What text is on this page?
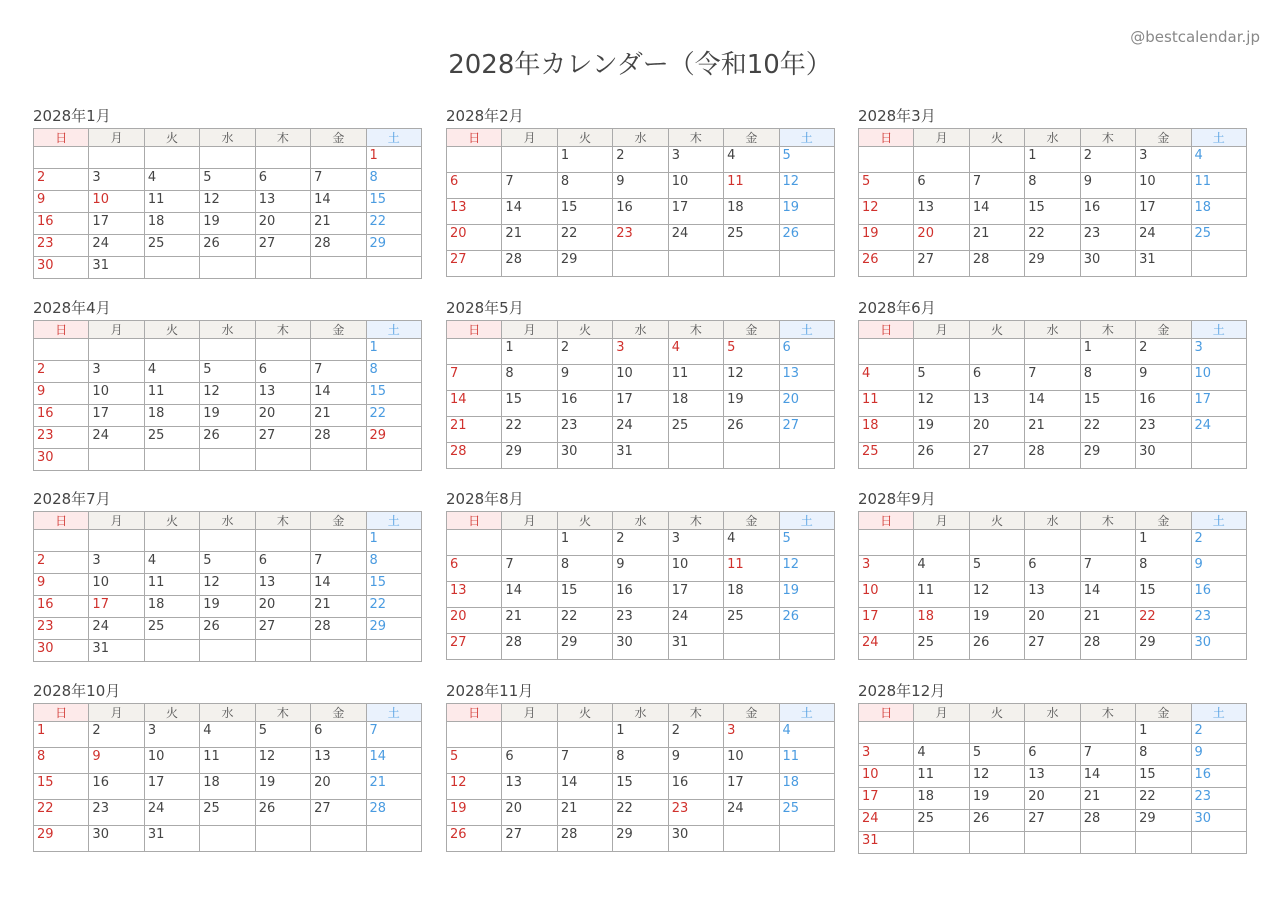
2028年カレンダー（令和10年）
@bestcalendar.jp
2028年1月
日	月	火	水	木	金	土
						1
2	3	4	5	6	7	8
9	10	11	12	13	14	15
16	17	18	19	20	21	22
23	24	25	26	27	28	29
30	31					
2028年2月
日	月	火	水	木	金	土
		1	2	3	4	5
6	7	8	9	10	11	12
13	14	15	16	17	18	19
20	21	22	23	24	25	26
27	28	29				
2028年3月
日	月	火	水	木	金	土
			1	2	3	4
5	6	7	8	9	10	11
12	13	14	15	16	17	18
19	20	21	22	23	24	25
26	27	28	29	30	31	
2028年4月
日	月	火	水	木	金	土
						1
2	3	4	5	6	7	8
9	10	11	12	13	14	15
16	17	18	19	20	21	22
23	24	25	26	27	28	29
30						
2028年5月
日	月	火	水	木	金	土
	1	2	3	4	5	6
7	8	9	10	11	12	13
14	15	16	17	18	19	20
21	22	23	24	25	26	27
28	29	30	31			
2028年6月
日	月	火	水	木	金	土
				1	2	3
4	5	6	7	8	9	10
11	12	13	14	15	16	17
18	19	20	21	22	23	24
25	26	27	28	29	30	
2028年7月
日	月	火	水	木	金	土
						1
2	3	4	5	6	7	8
9	10	11	12	13	14	15
16	17	18	19	20	21	22
23	24	25	26	27	28	29
30	31					
2028年8月
日	月	火	水	木	金	土
		1	2	3	4	5
6	7	8	9	10	11	12
13	14	15	16	17	18	19
20	21	22	23	24	25	26
27	28	29	30	31		
2028年9月
日	月	火	水	木	金	土
					1	2
3	4	5	6	7	8	9
10	11	12	13	14	15	16
17	18	19	20	21	22	23
24	25	26	27	28	29	30
2028年10月
日	月	火	水	木	金	土
1	2	3	4	5	6	7
8	9	10	11	12	13	14
15	16	17	18	19	20	21
22	23	24	25	26	27	28
29	30	31				
2028年11月
日	月	火	水	木	金	土
			1	2	3	4
5	6	7	8	9	10	11
12	13	14	15	16	17	18
19	20	21	22	23	24	25
26	27	28	29	30		
2028年12月
日	月	火	水	木	金	土
					1	2
3	4	5	6	7	8	9
10	11	12	13	14	15	16
17	18	19	20	21	22	23
24	25	26	27	28	29	30
31						
